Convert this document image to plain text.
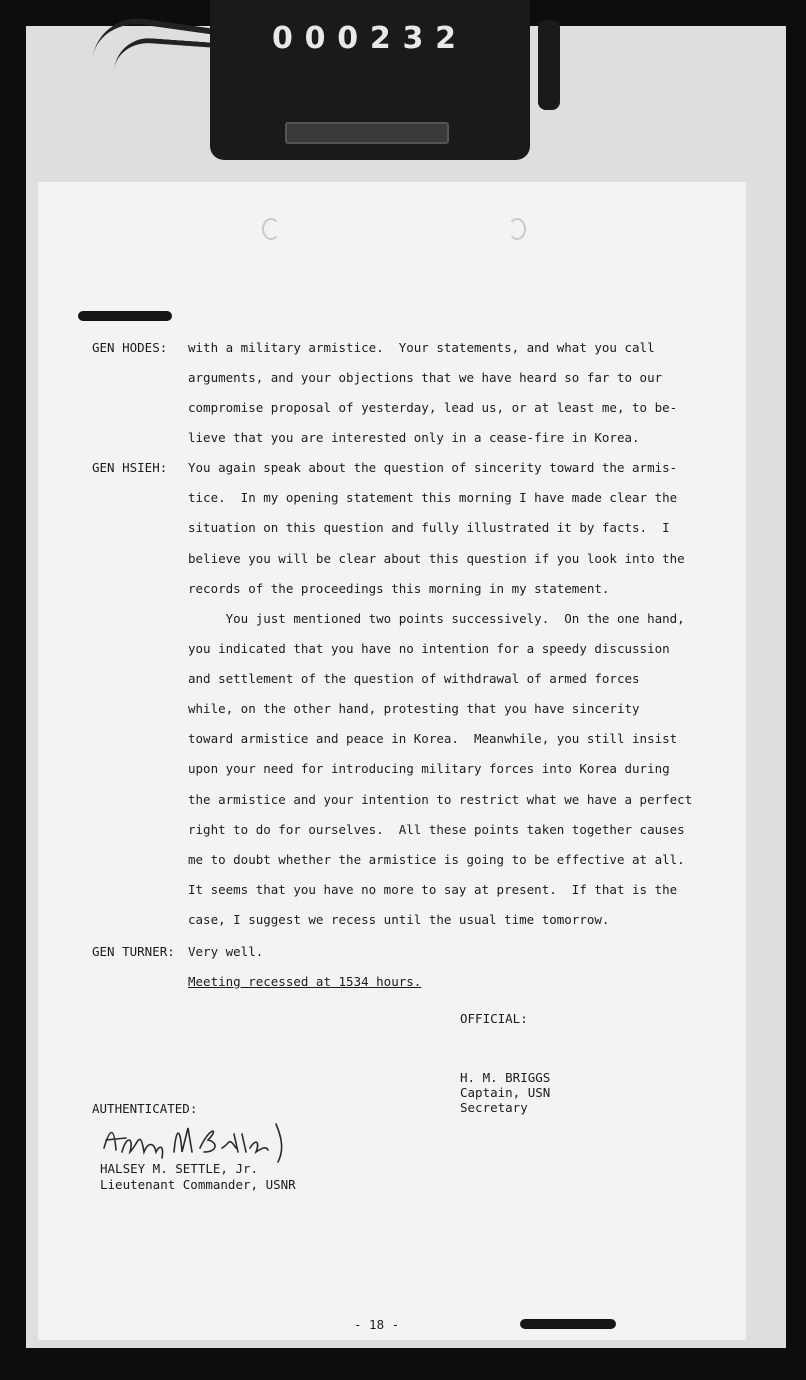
0 0 0 2 3 2
GEN HODES: with a military armistice.  Your statements, and what you call
arguments, and your objections that we have heard so far to our
compromise proposal of yesterday, lead us, or at least me, to be-
lieve that you are interested only in a cease-fire in Korea.
GEN HSIEH: You again speak about the question of sincerity toward the armis-
tice.  In my opening statement this morning I have made clear the
situation on this question and fully illustrated it by facts.  I
believe you will be clear about this question if you look into the
records of the proceedings this morning in my statement.
You just mentioned two points successively.  On the one hand,
you indicated that you have no intention for a speedy discussion
and settlement of the question of withdrawal of armed forces
while, on the other hand, protesting that you have sincerity
toward armistice and peace in Korea.  Meanwhile, you still insist
upon your need for introducing military forces into Korea during
the armistice and your intention to restrict what we have a perfect
right to do for ourselves.  All these points taken together causes
me to doubt whether the armistice is going to be effective at all.
It seems that you have no more to say at present.  If that is the
case, I suggest we recess until the usual time tomorrow.
GEN TURNER: Very well.
Meeting recessed at 1534 hours.
OFFICIAL:
H. M. BRIGGS
Captain, USN
Secretary
AUTHENTICATED:
HALSEY M. SETTLE, Jr.
Lieutenant Commander, USNR
- 18 -
